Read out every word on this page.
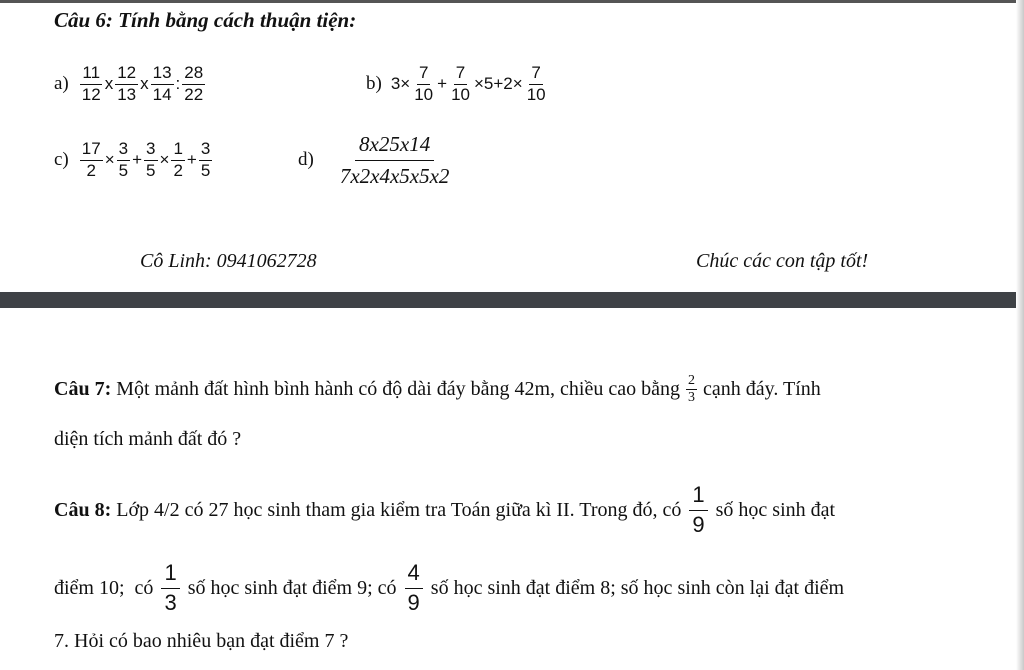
Câu 6: Tính bằng cách thuận tiện:
$a) \frac{11}{12}$ x $\frac{12}{13}$ x $\frac{13}{14}$ : $\frac{28}{22}$	b) $3\times \frac{7}{10} + \frac{7}{10} \times 5+2\times \frac{7}{10}$
$c) \frac{17}{2} \times \frac{3}{5} + \frac{3}{5} \times \frac{1}{2} + \frac{3}{5}$	$d) \frac{8x25x14}{7x2x4x5x5x2}$
Cô Linh: 0941062728	Chúc các con tập tốt!
Câu 7:
Một mảnh đất hình bình hành có độ dài đáy bằng 42m, chiều cao bằng $\frac{2}{3}$ cạnh đáy. Tính
diện tích mảnh đất đó ?
Câu 8:
Lớp 4/2 có 27 học sinh tham gia kiểm tra Toán giữa kì II. Trong đó, có $\frac{1}{9}$ số học sinh đạt
điểm 10;  có $\frac{1}{3}$ số học sinh đạt điểm 9; có $\frac{4}{9}$ số học sinh đạt điểm 8; số học sinh còn lại đạt điểm
7. Hỏi có bao nhiêu bạn đạt điểm 7 ?
